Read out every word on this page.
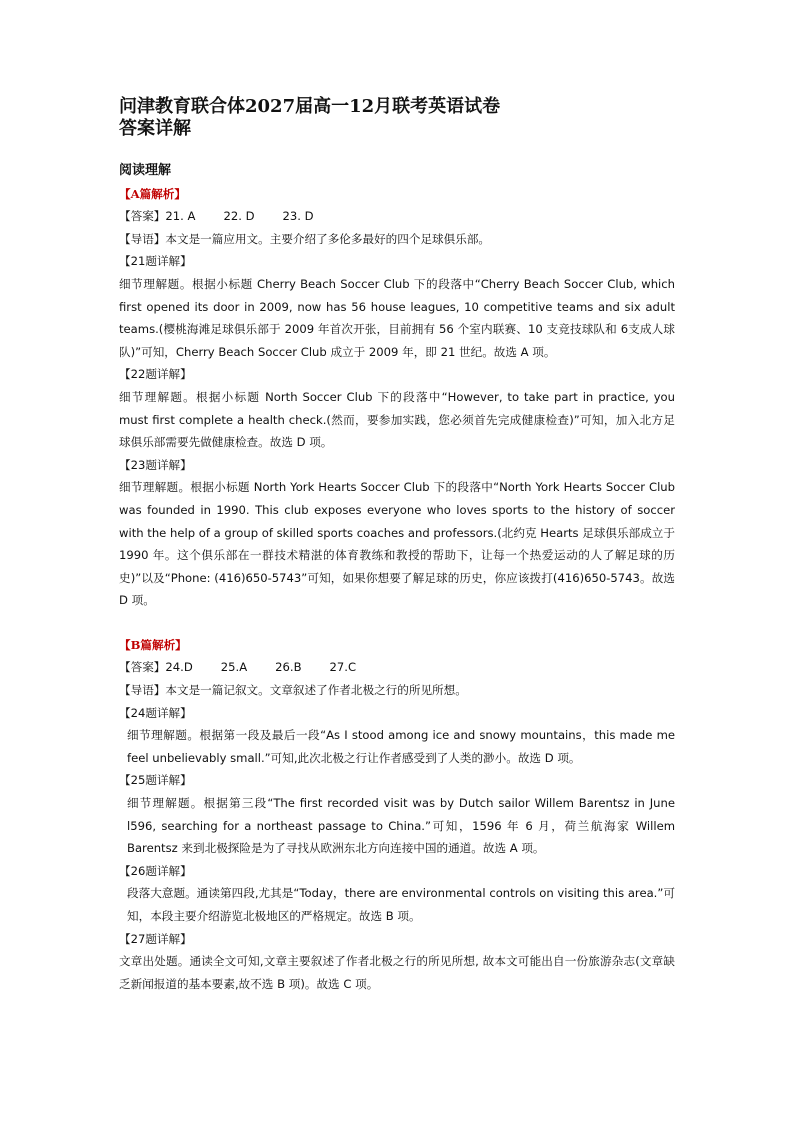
问津教育联合体2027届高一12月联考英语试卷
答案详解
阅读理解
【A篇解析】
【答案】21. A 22. D 23. D
【导语】本文是一篇应用文。主要介绍了多伦多最好的四个足球俱乐部。
【21题详解】
细节理解题。根据小标题 Cherry Beach Soccer Club 下的段落中“Cherry Beach Soccer Club, which first opened its door in 2009, now has 56 house leagues, 10 competitive teams and six adult teams.(樱桃海滩足球俱乐部于 2009 年首次开张，目前拥有 56 个室内联赛、10 支竞技球队和 6支成人球队)”可知，Cherry Beach Soccer Club 成立于 2009 年，即 21 世纪。故选 A 项。
【22题详解】
细节理解题。根据小标题 North Soccer Club 下的段落中“However, to take part in practice, you must first complete a health check.(然而，要参加实践，您必须首先完成健康检查)”可知，加入北方足球俱乐部需要先做健康检查。故选 D 项。
【23题详解】
细节理解题。根据小标题 North York Hearts Soccer Club 下的段落中“North York Hearts Soccer Club was founded in 1990. This club exposes everyone who loves sports to the history of soccer with the help of a group of skilled sports coaches and professors.(北约克 Hearts 足球俱乐部成立于 1990 年。这个俱乐部在一群技术精湛的体育教练和教授的帮助下，让每一个热爱运动的人了解足球的历史)”以及“Phone: (416)650-5743”可知，如果你想要了解足球的历史，你应该拨打(416)650-5743。故选 D 项。
【B篇解析】
【答案】24.D 25.A 26.B 27.C
【导语】本文是一篇记叙文。文章叙述了作者北极之行的所见所想。
【24题详解】
细节理解题。根据第一段及最后一段“As I stood among ice and snowy mountains，this made me feel unbelievably small.”可知,此次北极之行让作者感受到了人类的渺小。故选 D 项。
【25题详解】
细节理解题。根据第三段“The first recorded visit was by Dutch sailor Willem Barentsz in June l596, searching for a northeast passage to China.”可知，1596 年 6 月，荷兰航海家 Willem Barentsz 来到北极探险是为了寻找从欧洲东北方向连接中国的通道。故选 A 项。
【26题详解】
段落大意题。通读第四段,尤其是“Today，there are environmental controls on visiting this area.”可知，本段主要介绍游览北极地区的严格规定。故选 B 项。
【27题详解】
文章出处题。通读全文可知,文章主要叙述了作者北极之行的所见所想, 故本文可能出自一份旅游杂志(文章缺乏新闻报道的基本要素,故不选 B 项)。故选 C 项。
